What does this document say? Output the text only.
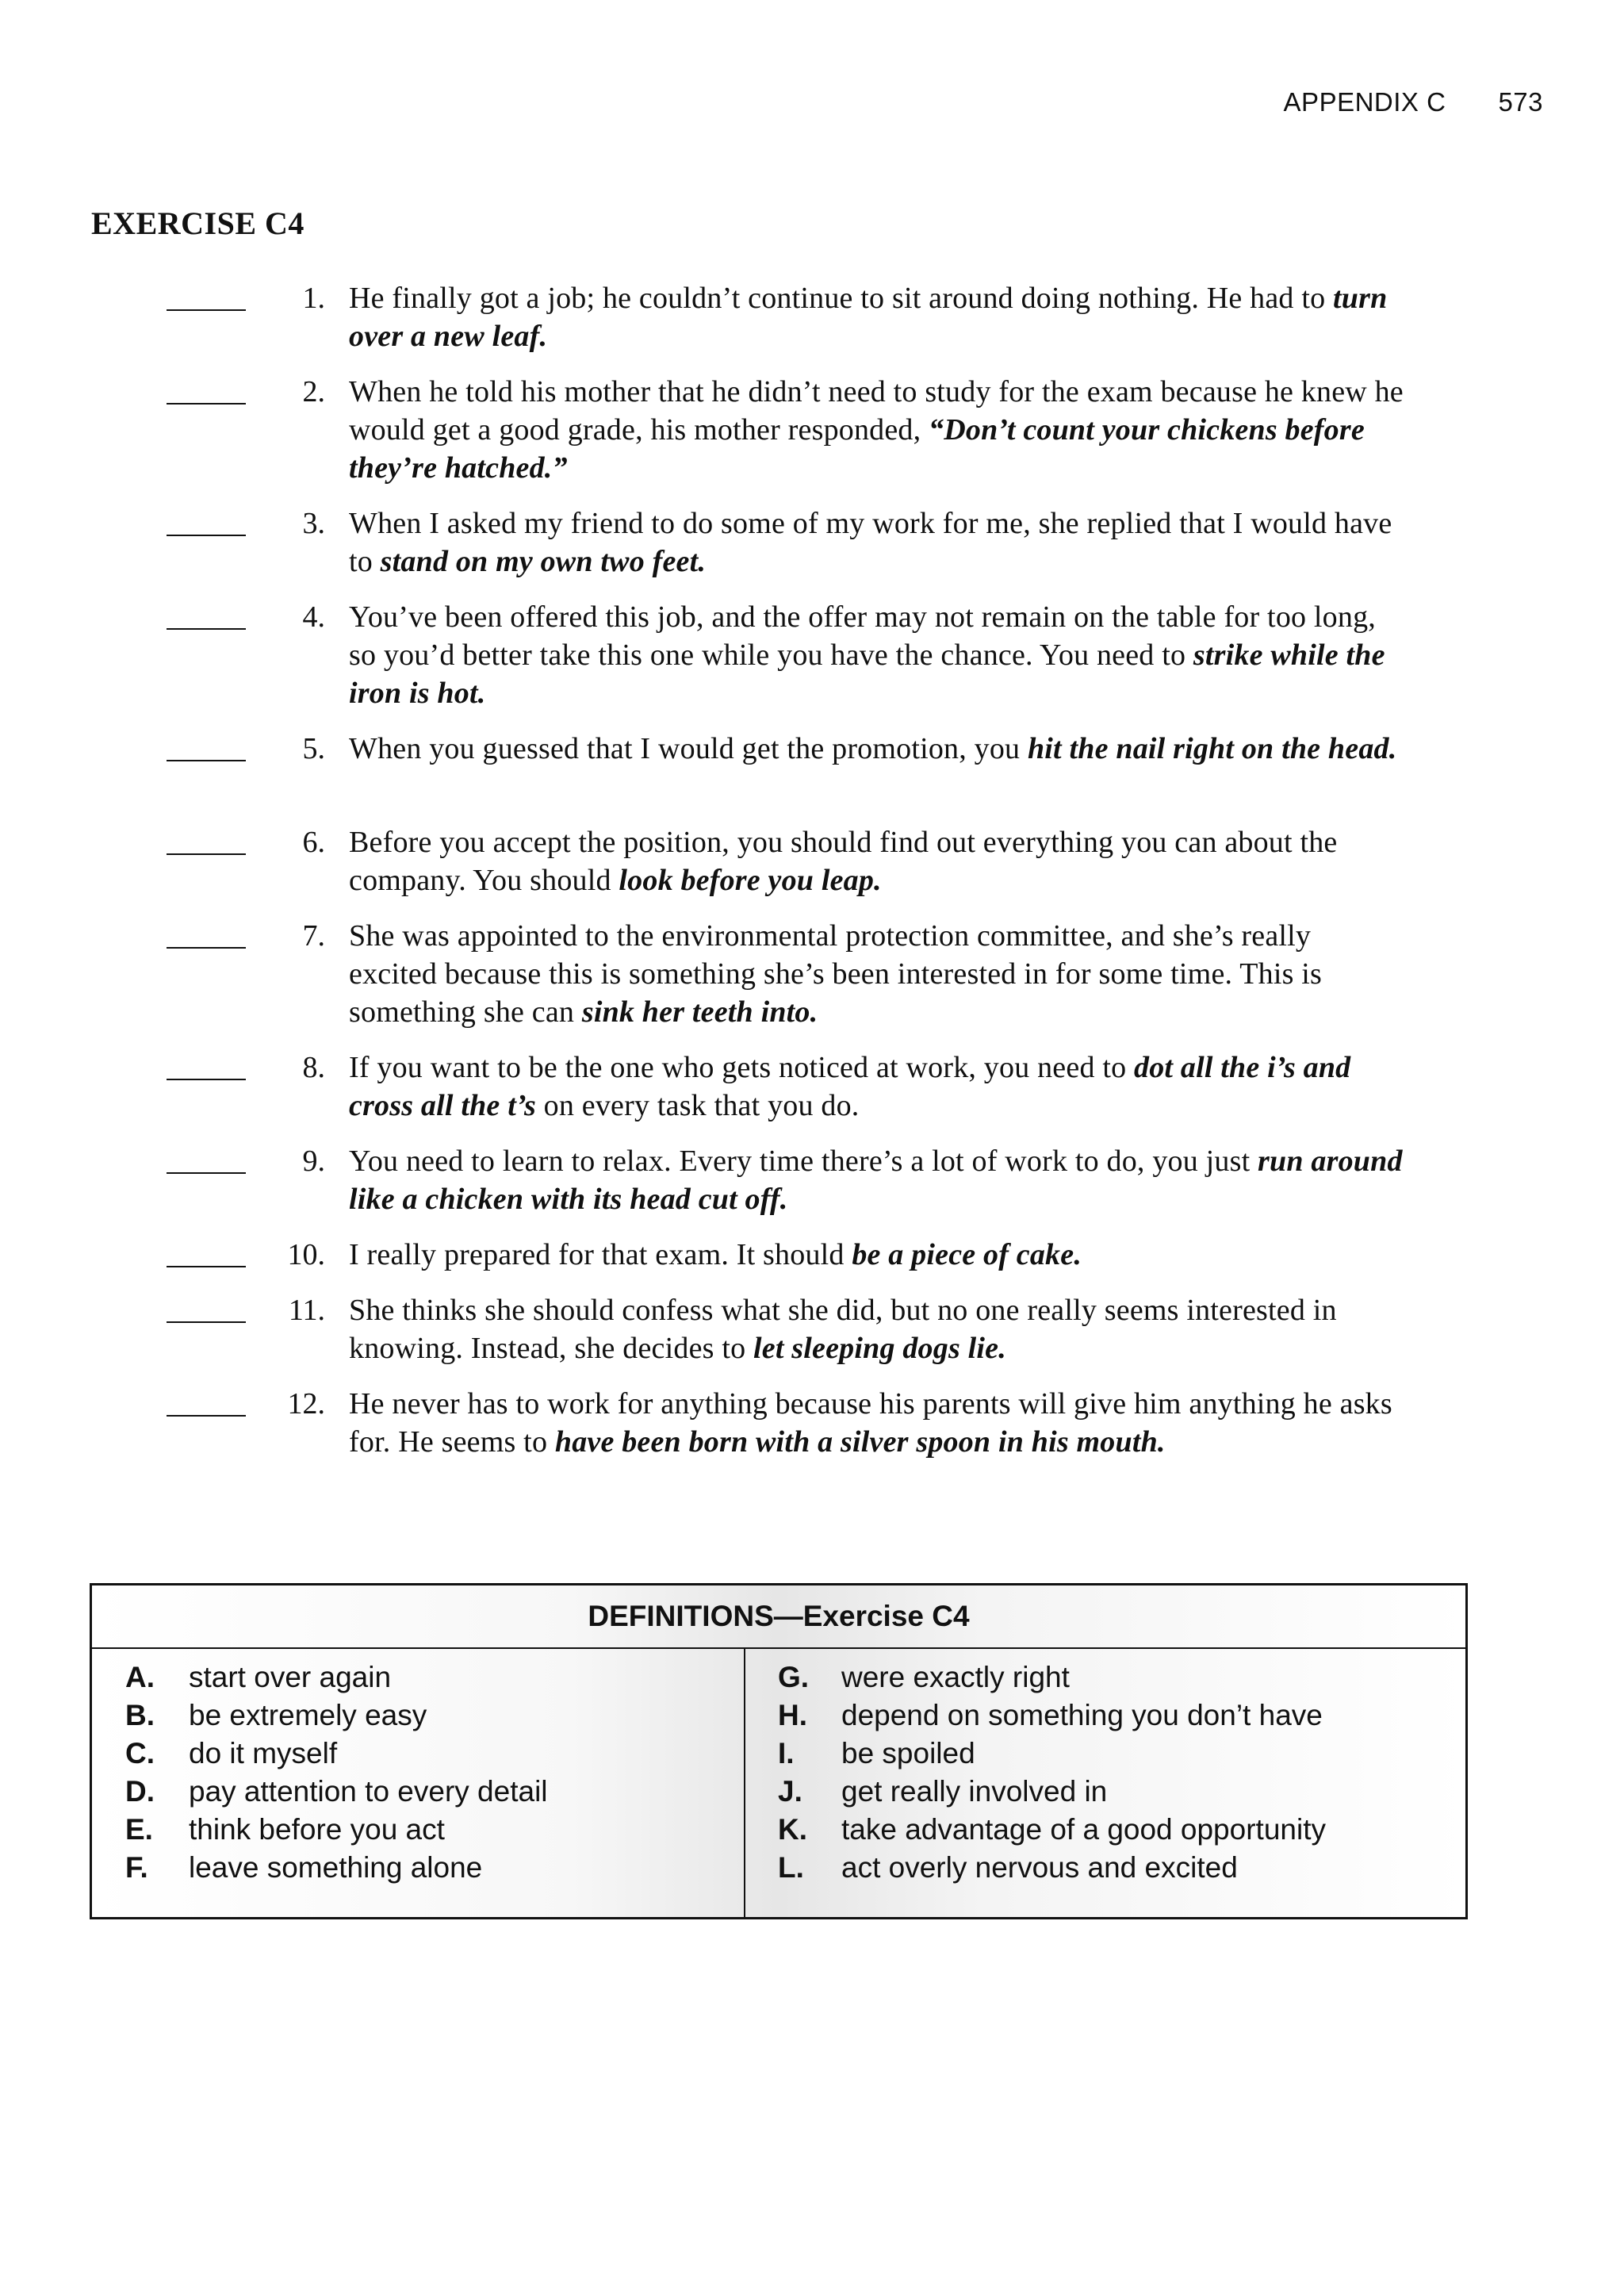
APPENDIX C 573
EXERCISE C4
1. He finally got a job; he couldn’t continue to sit around doing nothing. He had to turn over a new leaf.
2. When he told his mother that he didn’t need to study for the exam because he knew he would get a good grade, his mother responded, “Don’t count your chickens before they’re hatched.”
3. When I asked my friend to do some of my work for me, she replied that I would have to stand on my own two feet.
4. You’ve been offered this job, and the offer may not remain on the table for too long, so you’d better take this one while you have the chance. You need to strike while the iron is hot.
5. When you guessed that I would get the promotion, you hit the nail right on the head.
6. Before you accept the position, you should find out everything you can about the company. You should look before you leap.
7. She was appointed to the environmental protection committee, and she’s really excited because this is something she’s been interested in for some time. This is something she can sink her teeth into.
8. If you want to be the one who gets noticed at work, you need to dot all the i’s and cross all the t’s on every task that you do.
9. You need to learn to relax. Every time there’s a lot of work to do, you just run around like a chicken with its head cut off.
10. I really prepared for that exam. It should be a piece of cake.
11. She thinks she should confess what she did, but no one really seems interested in knowing. Instead, she decides to let sleeping dogs lie.
12. He never has to work for anything because his parents will give him anything he asks for. He seems to have been born with a silver spoon in his mouth.
DEFINITIONS—Exercise C4
A. start over again
B. be extremely easy
C. do it myself
D. pay attention to every detail
E. think before you act
F. leave something alone
G. were exactly right
H. depend on something you don’t have
I. be spoiled
J. get really involved in
K. take advantage of a good opportunity
L. act overly nervous and excited
